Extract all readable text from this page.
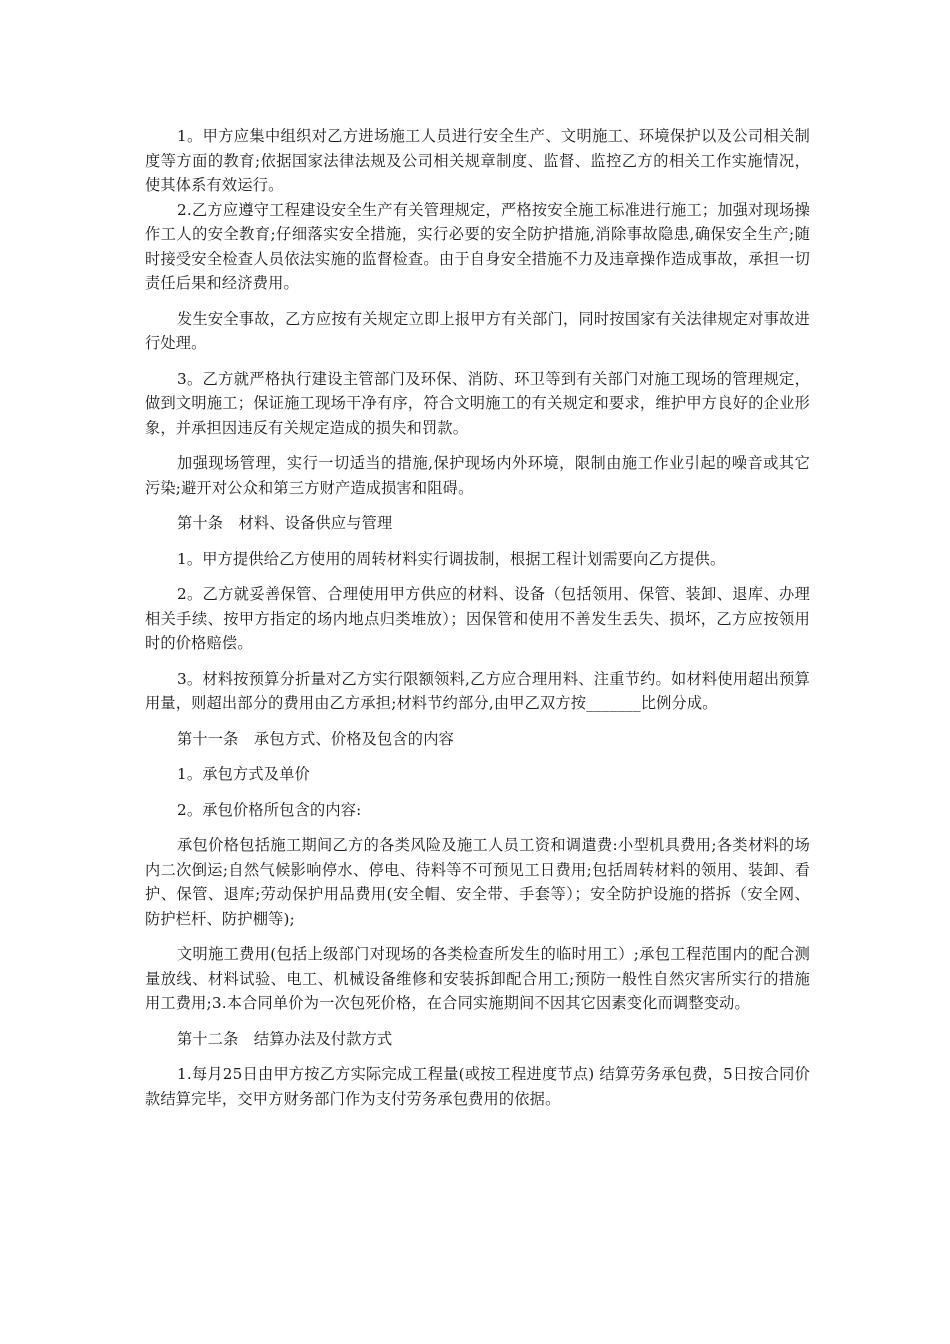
1。甲方应集中组织对乙方进场施工人员进行安全生产、文明施工、环境保护以及公司相关制度等方面的教育;依据国家法律法规及公司相关规章制度、监督、监控乙方的相关工作实施情况，使其体系有效运行。

2.乙方应遵守工程建设安全生产有关管理规定，严格按安全施工标准进行施工；加强对现场操作工人的安全教育;仔细落实安全措施，实行必要的安全防护措施,消除事故隐患,确保安全生产;随时接受安全检查人员依法实施的监督检查。由于自身安全措施不力及违章操作造成事故，承担一切责任后果和经济费用。

发生安全事故，乙方应按有关规定立即上报甲方有关部门，同时按国家有关法律规定对事故进行处理。

3。乙方就严格执行建设主管部门及环保、消防、环卫等到有关部门对施工现场的管理规定，做到文明施工；保证施工现场干净有序，符合文明施工的有关规定和要求，维护甲方良好的企业形象，并承担因违反有关规定造成的损失和罚款。

加强现场管理，实行一切适当的措施,保护现场内外环境，限制由施工作业引起的噪音或其它污染;避开对公众和第三方财产造成损害和阻碍。

第十条　材料、设备供应与管理

1。甲方提供给乙方使用的周转材料实行调拔制，根据工程计划需要向乙方提供。

2。乙方就妥善保管、合理使用甲方供应的材料、设备（包括领用、保管、装卸、退库、办理相关手续、按甲方指定的场内地点归类堆放）；因保管和使用不善发生丢失、损坏，乙方应按领用时的价格赔偿。

3。材料按预算分折量对乙方实行限额领料,乙方应合理用料、注重节约。如材料使用超出预算用量，则超出部分的费用由乙方承担;材料节约部分,由甲乙双方按_______比例分成。

第十一条　承包方式、价格及包含的内容

1。承包方式及单价

2。承包价格所包含的内容:

承包价格包括施工期间乙方的各类风险及施工人员工资和调遣费:小型机具费用;各类材料的场内二次倒运;自然气候影响停水、停电、待料等不可预见工日费用;包括周转材料的领用、装卸、看护、保管、退库;劳动保护用品费用(安全帽、安全带、手套等）；安全防护设施的搭拆（安全网、防护栏杆、防护棚等);

文明施工费用(包括上级部门对现场的各类检查所发生的临时用工）;承包工程范围内的配合测量放线、材料试验、电工、机械设备维修和安装拆卸配合用工;预防一般性自然灾害所实行的措施用工费用;3.本合同单价为一次包死价格，在合同实施期间不因其它因素变化而调整变动。

第十二条　结算办法及付款方式

1.每月25日由甲方按乙方实际完成工程量(或按工程进度节点) 结算劳务承包费，5日按合同价款结算完毕，交甲方财务部门作为支付劳务承包费用的依据。
